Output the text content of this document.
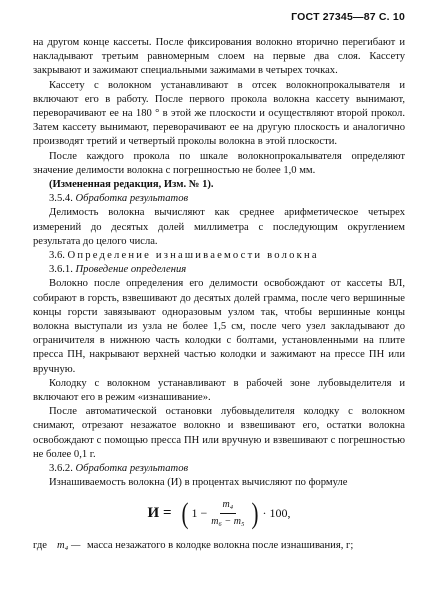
ГОСТ 27345—87 С. 10

на другом конце кассеты. После фиксирования волокно вторично перегибают и накладывают третьим равномерным слоем на первые два слоя. Кассету закрывают и зажимают специальными зажимами в четырех точках.

Кассету с волокном устанавливают в отсек волокнопрокалывателя и включают его в работу. После первого прокола волокна кассету вынимают, переворачивают ее на 180 ° в этой же плоскости и осуществляют второй прокол. Затем кассету вынимают, переворачивают ее на другую плоскость и аналогично производят третий и четвертый проколы волокна в этой плоскости.

После каждого прокола по шкале волокнопрокалывателя определяют значение делимости волокна с погрешностью не более 1,0 мм.

(Измененная редакция, Изм. № 1).

3.5.4. Обработка результатов

Делимость волокна вычисляют как среднее арифметическое четырех измерений до десятых долей миллиметра с последующим округлением результата до целого числа.

3.6. Определение изнашиваемости волокна

3.6.1. Проведение определения

Волокно после определения его делимости освобождают от кассеты ВЛ, собирают в горсть, взвешивают до десятых долей грамма, после чего вершинные концы горсти завязывают одноразовым узлом так, чтобы вершинные концы волокна выступали из узла не более 1,5 см, после чего узел закладывают до ограничителя в нижнюю часть колодки с болтами, установленными на плите пресса ПН, накрывают верхней частью колодки и зажимают на прессе ПН или вручную.

Колодку с волокном устанавливают в рабочей зоне лубовыделителя и включают его в режим «изнашивание».

После автоматической остановки лубовыделителя колодку с волокном снимают, отрезают незажатое волокно и взвешивают его, остатки волокна освобождают с помощью пресса ПН или вручную и взвешивают с погрешностью не более 0,1 г.

3.6.2. Обработка результатов

Изнашиваемость волокна (И) в процентах вычисляют по формуле

И = ( $1 - \frac{\text{m₄}}{\text{m₆ − m₅}}$ ) · 100,
где m₄ — масса незажатого в колодке волокна после изнашивания, г;
